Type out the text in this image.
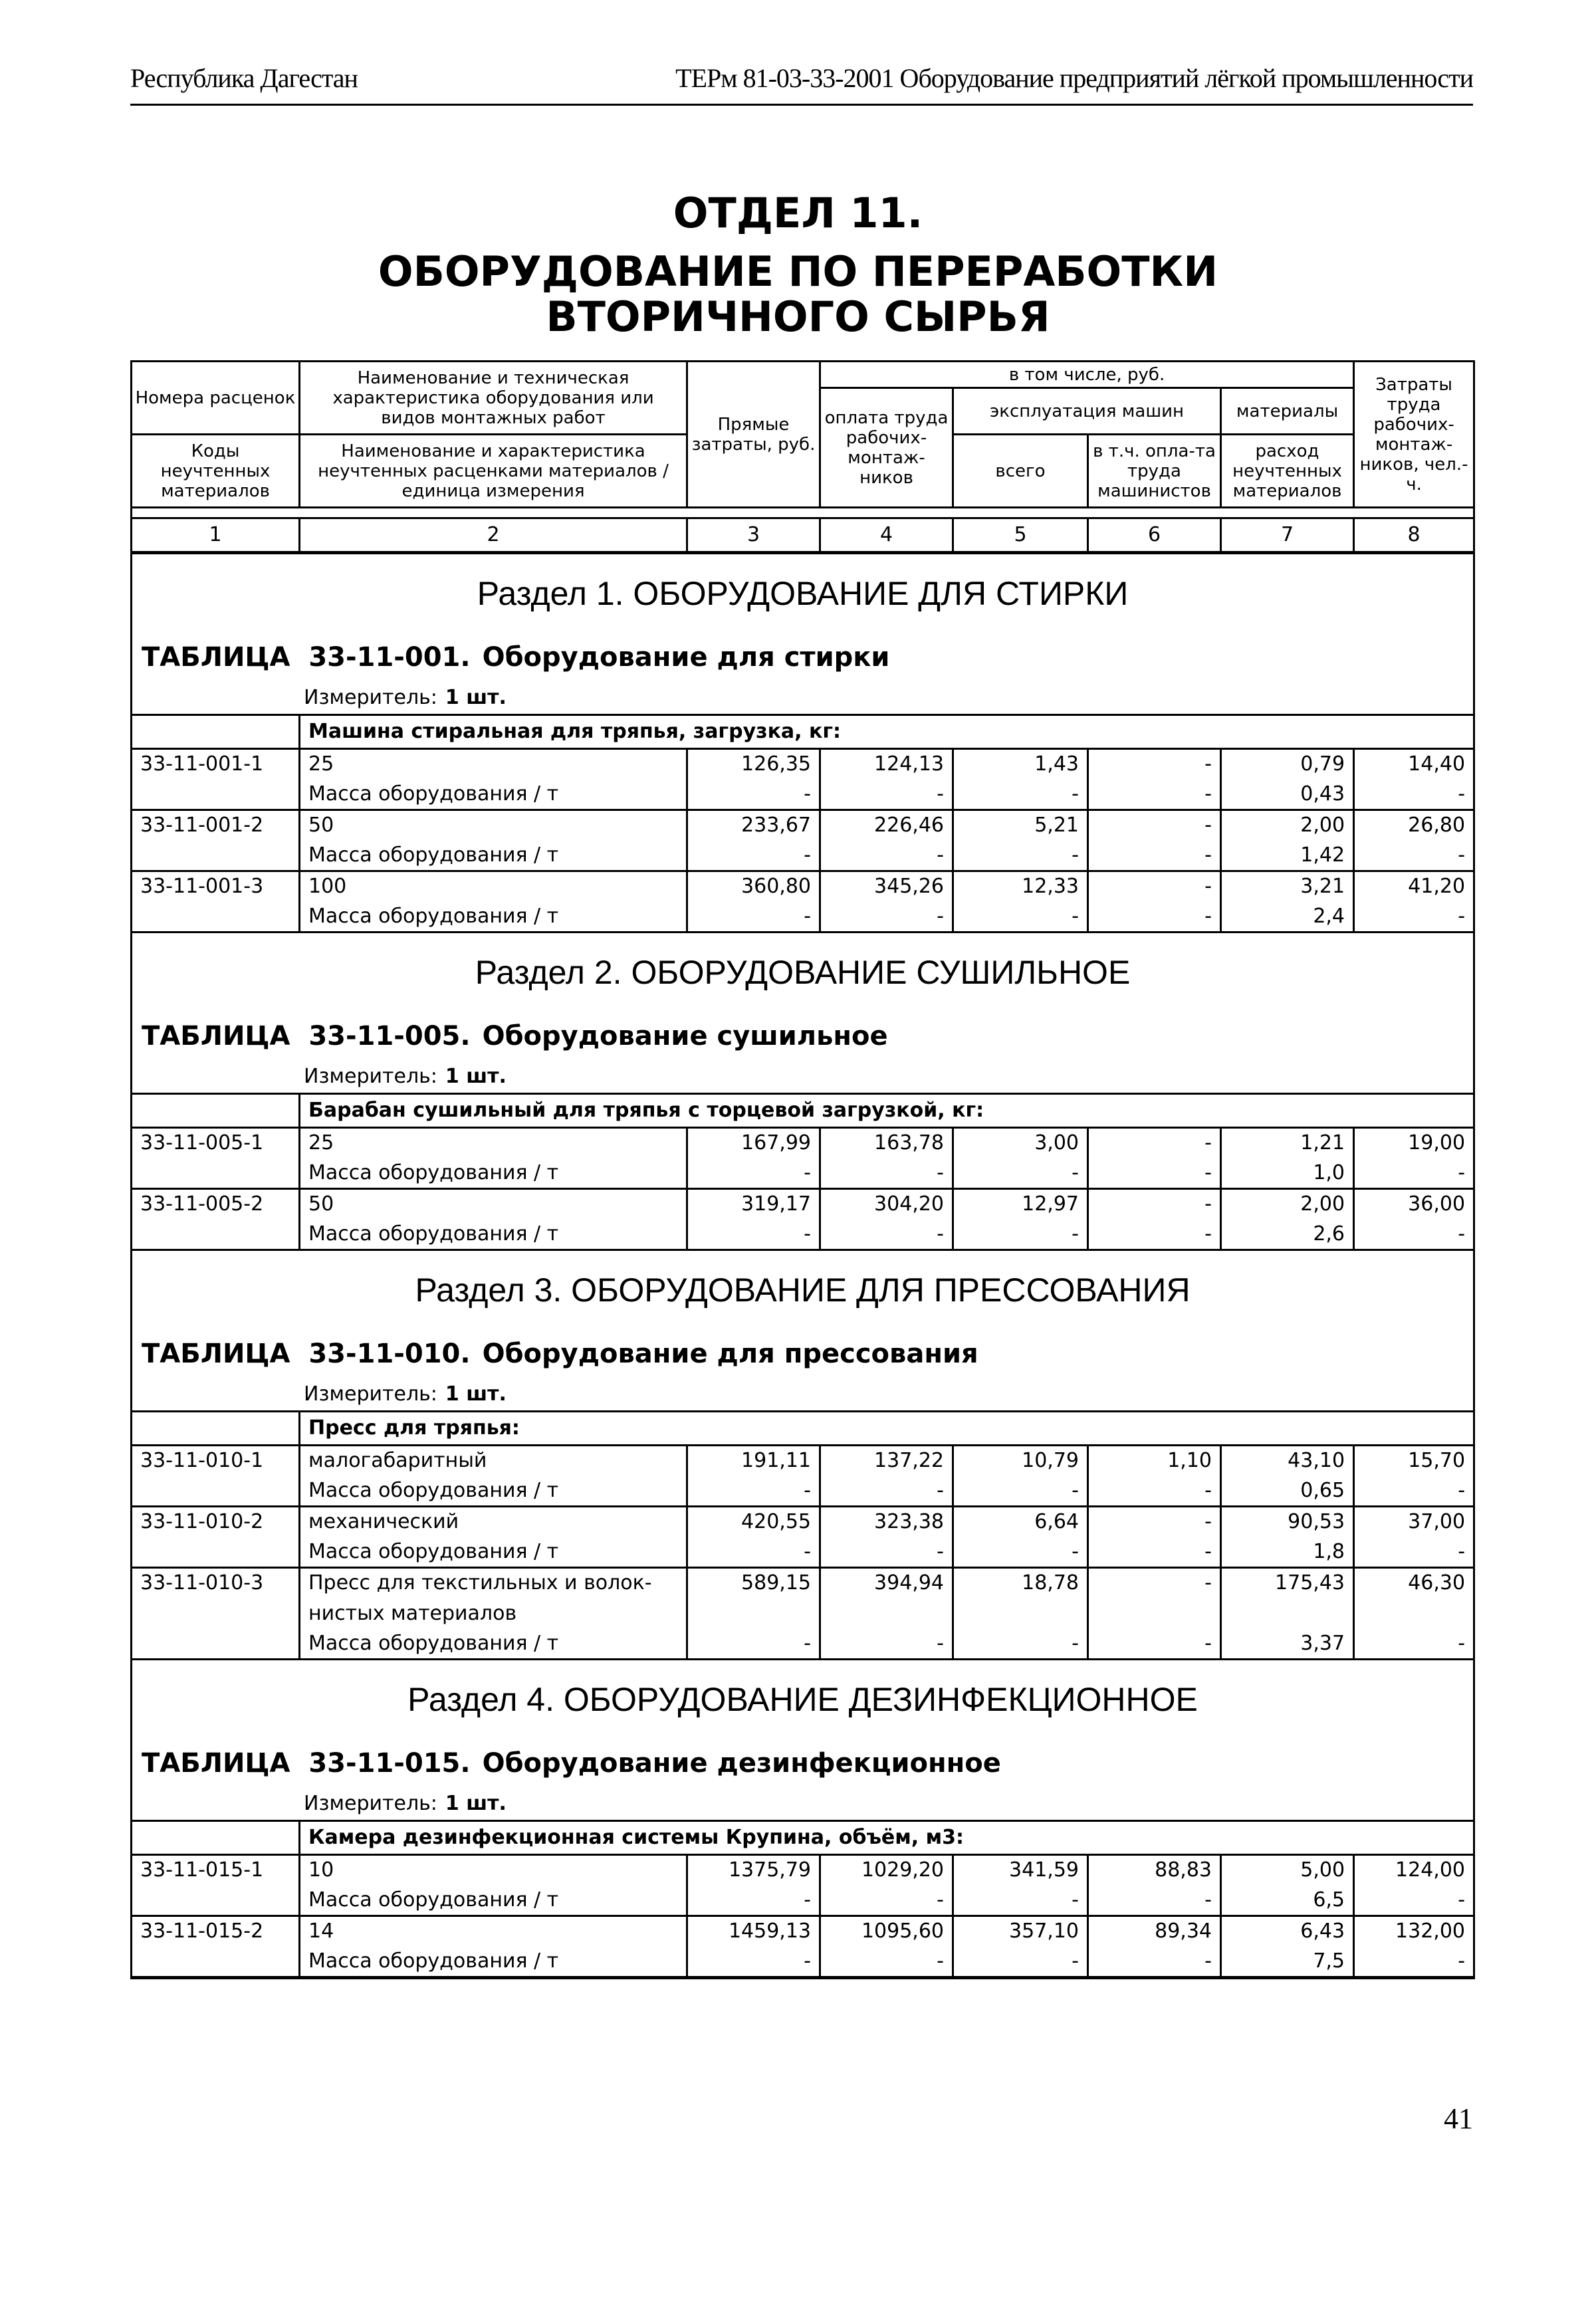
Республика Дагестан	ТЕРм 81-03-33-2001 Оборудование предприятий лёгкой промышленности
ОТДЕЛ 11.
ОБОРУДОВАНИЕ ПО ПЕРЕРАБОТКИ
ВТОРИЧНОГО СЫРЬЯ
Номера расценок	Наименование и техническая характеристика оборудования или видов монтажных работ	Прямые затраты, руб.	в том числе, руб.				Затраты труда рабочих-монтаж-ников, чел.-ч.
			оплата труда рабочих-монтаж-ников	эксплуатация машин		материалы	
Коды неучтенных материалов	Наименование и характеристика неучтенных расценками материалов / единица измерения			всего	в т.ч. опла-та труда машинистов	расход неучтенных материалов	

1	2	3	4	5	6	7	8
Раздел 1. ОБОРУДОВАНИЕ ДЛЯ СТИРКИ							
ТАБЛИЦА  33-11-001. Оборудование для стирки							
Измеритель: 1 шт.							
	Машина стиральная для тряпья, загрузка, кг:						
33-11-001-1	25	126,35	124,13	1,43	-	0,79	14,40
	Масса оборудования / т	-	-	-	-	0,43	-
33-11-001-2	50	233,67	226,46	5,21	-	2,00	26,80
	Масса оборудования / т	-	-	-	-	1,42	-
33-11-001-3	100	360,80	345,26	12,33	-	3,21	41,20
	Масса оборудования / т	-	-	-	-	2,4	-
Раздел 2. ОБОРУДОВАНИЕ СУШИЛЬНОЕ							
ТАБЛИЦА  33-11-005. Оборудование сушильное							
Измеритель: 1 шт.							
	Барабан сушильный для тряпья с торцевой загрузкой, кг:						
33-11-005-1	25	167,99	163,78	3,00	-	1,21	19,00
	Масса оборудования / т	-	-	-	-	1,0	-
33-11-005-2	50	319,17	304,20	12,97	-	2,00	36,00
	Масса оборудования / т	-	-	-	-	2,6	-
Раздел 3. ОБОРУДОВАНИЕ ДЛЯ ПРЕССОВАНИЯ							
ТАБЛИЦА  33-11-010. Оборудование для прессования							
Измеритель: 1 шт.							
	Пресс для тряпья:						
33-11-010-1	малогабаритный	191,11	137,22	10,79	1,10	43,10	15,70
	Масса оборудования / т	-	-	-	-	0,65	-
33-11-010-2	механический	420,55	323,38	6,64	-	90,53	37,00
	Масса оборудования / т	-	-	-	-	1,8	-
33-11-010-3	Пресс для текстильных и волок-	589,15	394,94	18,78	-	175,43	46,30
	нистых материалов						
	Масса оборудования / т	-	-	-	-	3,37	-
Раздел 4. ОБОРУДОВАНИЕ ДЕЗИНФЕКЦИОННОЕ							
ТАБЛИЦА  33-11-015. Оборудование дезинфекционное							
Измеритель: 1 шт.							
	Камера дезинфекционная системы Крупина, объём, м3:						
33-11-015-1	10	1375,79	1029,20	341,59	88,83	5,00	124,00
	Масса оборудования / т	-	-	-	-	6,5	-
33-11-015-2	14	1459,13	1095,60	357,10	89,34	6,43	132,00
	Масса оборудования / т	-	-	-	-	7,5	-
41
